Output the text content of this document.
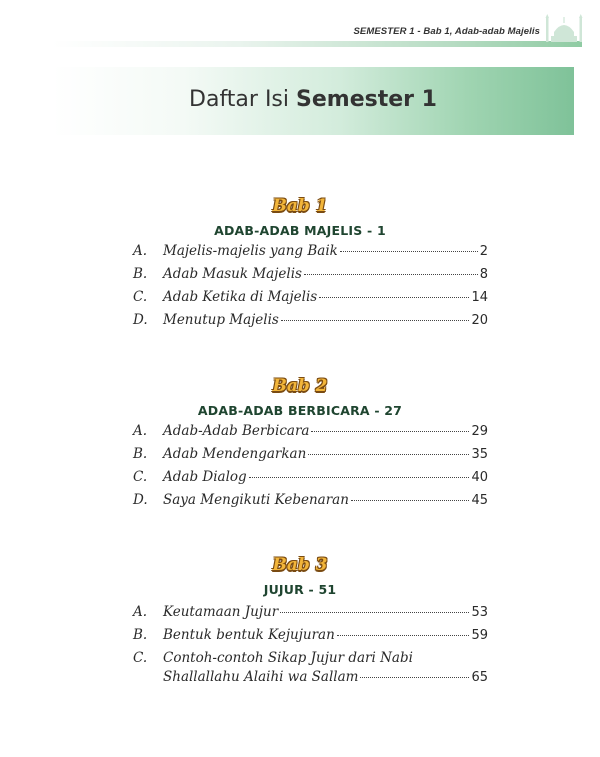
SEMESTER 1 - Bab 1, Adab-adab Majelis
Daftar Isi Semester 1
Bab 1
ADAB-ADAB MAJELIS - 1
A.	Majelis-majelis yang Baik	2
B.	Adab Masuk Majelis	8
C.	Adab Ketika di Majelis	14
D.	Menutup Majelis	20
Bab 2
ADAB-ADAB BERBICARA - 27
A.	Adab-Adab Berbicara	29
B.	Adab Mendengarkan	35
C.	Adab Dialog	40
D.	Saya Mengikuti Kebenaran	45
Bab 3
JUJUR - 51
A.	Keutamaan Jujur	53
B.	Bentuk bentuk Kejujuran	59
C.	Contoh-contoh Sikap Jujur dari Nabi
Shallallahu Alaihi wa Sallam	65
